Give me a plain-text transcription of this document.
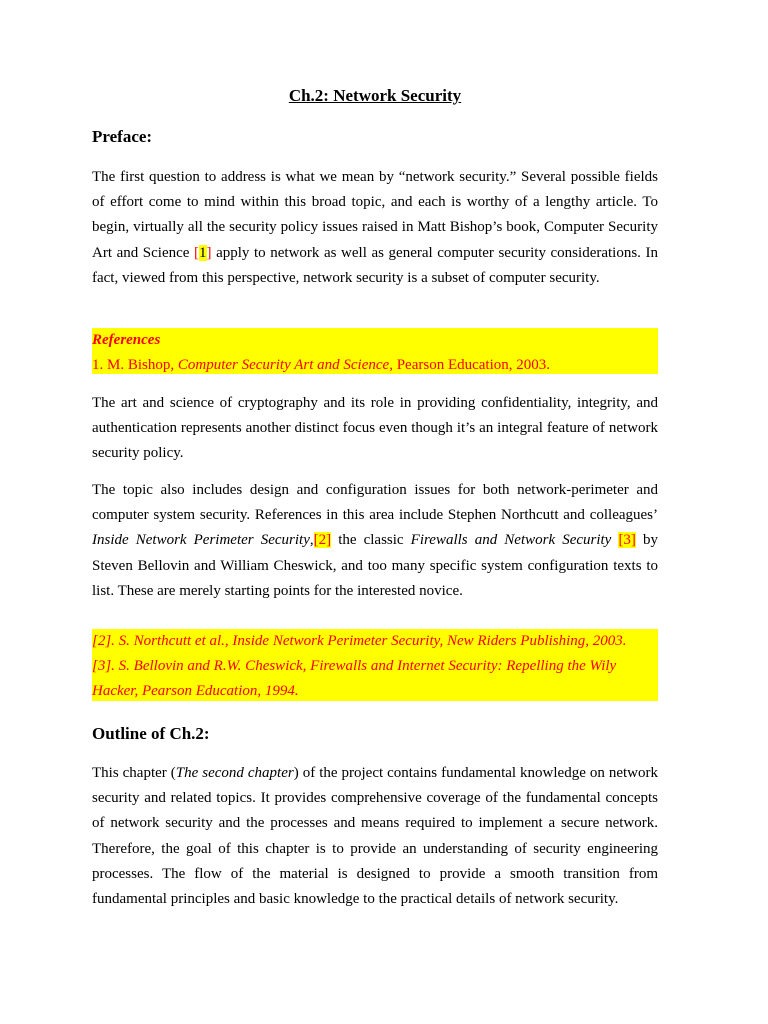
Ch.2: Network Security
Preface:
The first question to address is what we mean by “network security.” Several possible fields of effort come to mind within this broad topic, and each is worthy of a lengthy article. To begin, virtually all the security policy issues raised in Matt Bishop’s book, Computer Security Art and Science [1] apply to network as well as general computer security considerations. In fact, viewed from this perspective, network security is a subset of computer security.
References
1. M. Bishop, Computer Security Art and Science, Pearson Education, 2003.
The art and science of cryptography and its role in providing confidentiality, integrity, and authentication represents another distinct focus even though it’s an integral feature of network security policy.
The topic also includes design and configuration issues for both network-perimeter and computer system security. References in this area include Stephen Northcutt and colleagues’ Inside Network Perimeter Security,[2] the classic Firewalls and Network Security [3] by Steven Bellovin and William Cheswick, and too many specific system configuration texts to list. These are merely starting points for the interested novice.
[2]. S. Northcutt et al., Inside Network Perimeter Security, New Riders Publishing, 2003.
[3]. S. Bellovin and R.W. Cheswick, Firewalls and Internet Security: Repelling the Wily
Hacker, Pearson Education, 1994.
Outline of Ch.2:
This chapter (The second chapter) of the project contains fundamental knowledge on network security and related topics. It provides comprehensive coverage of the fundamental concepts of network security and the processes and means required to implement a secure network. Therefore, the goal of this chapter is to provide an understanding of security engineering processes. The flow of the material is designed to provide a smooth transition from fundamental principles and basic knowledge to the practical details of network security.
